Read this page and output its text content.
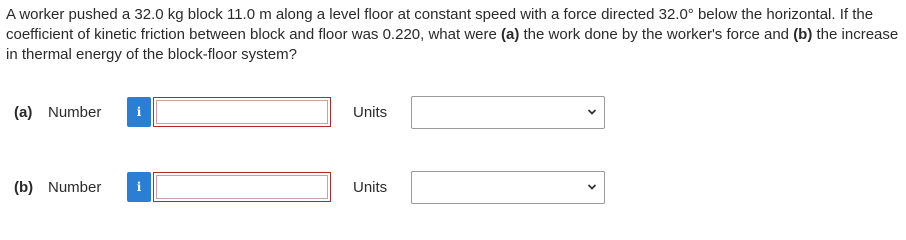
A worker pushed a 32.0 kg block 11.0 m along a level floor at constant speed with a force directed 32.0° below the horizontal. If the coefficient of kinetic friction between block and floor was 0.220, what were (a) the work done by the worker's force and (b) the increase in thermal energy of the block-floor system?

(a) Number	i	Units
(b) Number	i	Units
